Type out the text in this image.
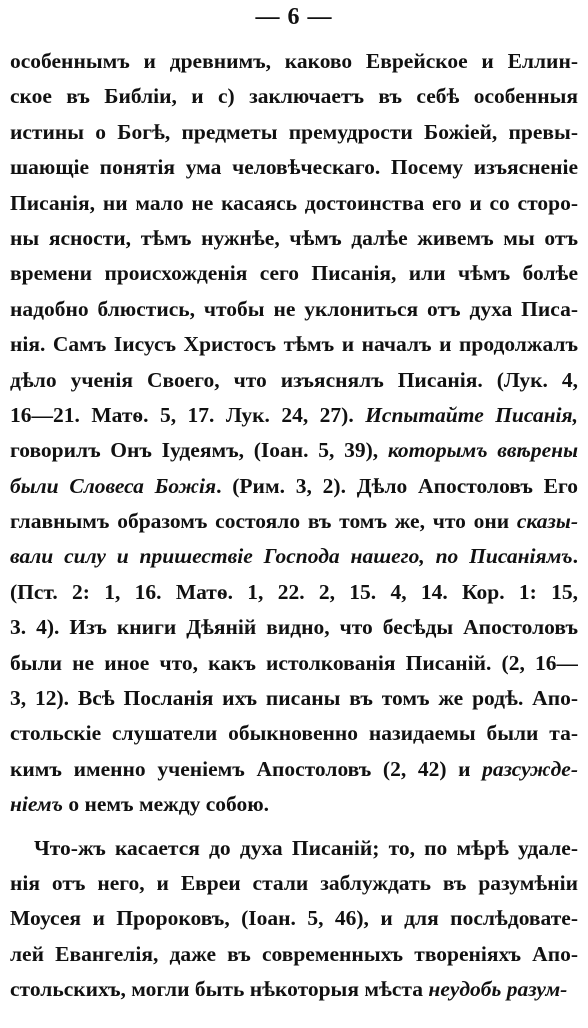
— 6 —
особеннымъ и древнимъ, каково Еврейское и Еллин-
ское въ Библіи, и с) заключаетъ въ себѣ особенныя
истины о Богѣ, предметы премудрости Божіей, превы-
шающіе понятія ума человѣческаго. Посему изъясненіе
Писанія, ни мало не касаясь достоинства его и со сторо-
ны ясности, тѣмъ нужнѣе, чѣмъ далѣе живемъ мы отъ
времени происхожденія сего Писанія, или чѣмъ болѣе
надобно блюстись, чтобы не уклониться отъ духа Писа-
нія. Самъ Іисусъ Христосъ тѣмъ и началъ и продолжалъ
дѣло ученія Своего, что изъяснялъ Писанія. (Лук. 4,
16—21. Матѳ. 5, 17. Лук. 24, 27). Испытайте Писанія,
говорилъ Онъ Іудеямъ, (Іоан. 5, 39), которымъ ввѣрены
были Словеса Божія. (Рим. 3, 2). Дѣло Апостоловъ Его
главнымъ образомъ состояло въ томъ же, что они сказы-
вали силу и пришествіе Господа нашего, по Писаніямъ.
(Пст. 2: 1, 16. Матѳ. 1, 22. 2, 15. 4, 14. Кор. 1: 15,
3. 4). Изъ книги Дѣяній видно, что бесѣды Апостоловъ
были не иное что, какъ истолкованія Писаній. (2, 16—
3, 12). Всѣ Посланія ихъ писаны въ томъ же родѣ. Апо-
стольскіе слушатели обыкновенно назидаемы были та-
кимъ именно ученіемъ Апостоловъ (2, 42) и разсужде-
ніемъ о немъ между собою.
Что-жъ касается до духа Писаній; то, по мѣрѣ удале-
нія отъ него, и Евреи стали заблуждать въ разумѣніи
Моусея и Пророковъ, (Іоан. 5, 46), и для послѣдовате-
лей Евангелія, даже въ современныхъ твореніяхъ Апо-
стольскихъ, могли быть нѣкоторыя мѣста неудобь разум-
